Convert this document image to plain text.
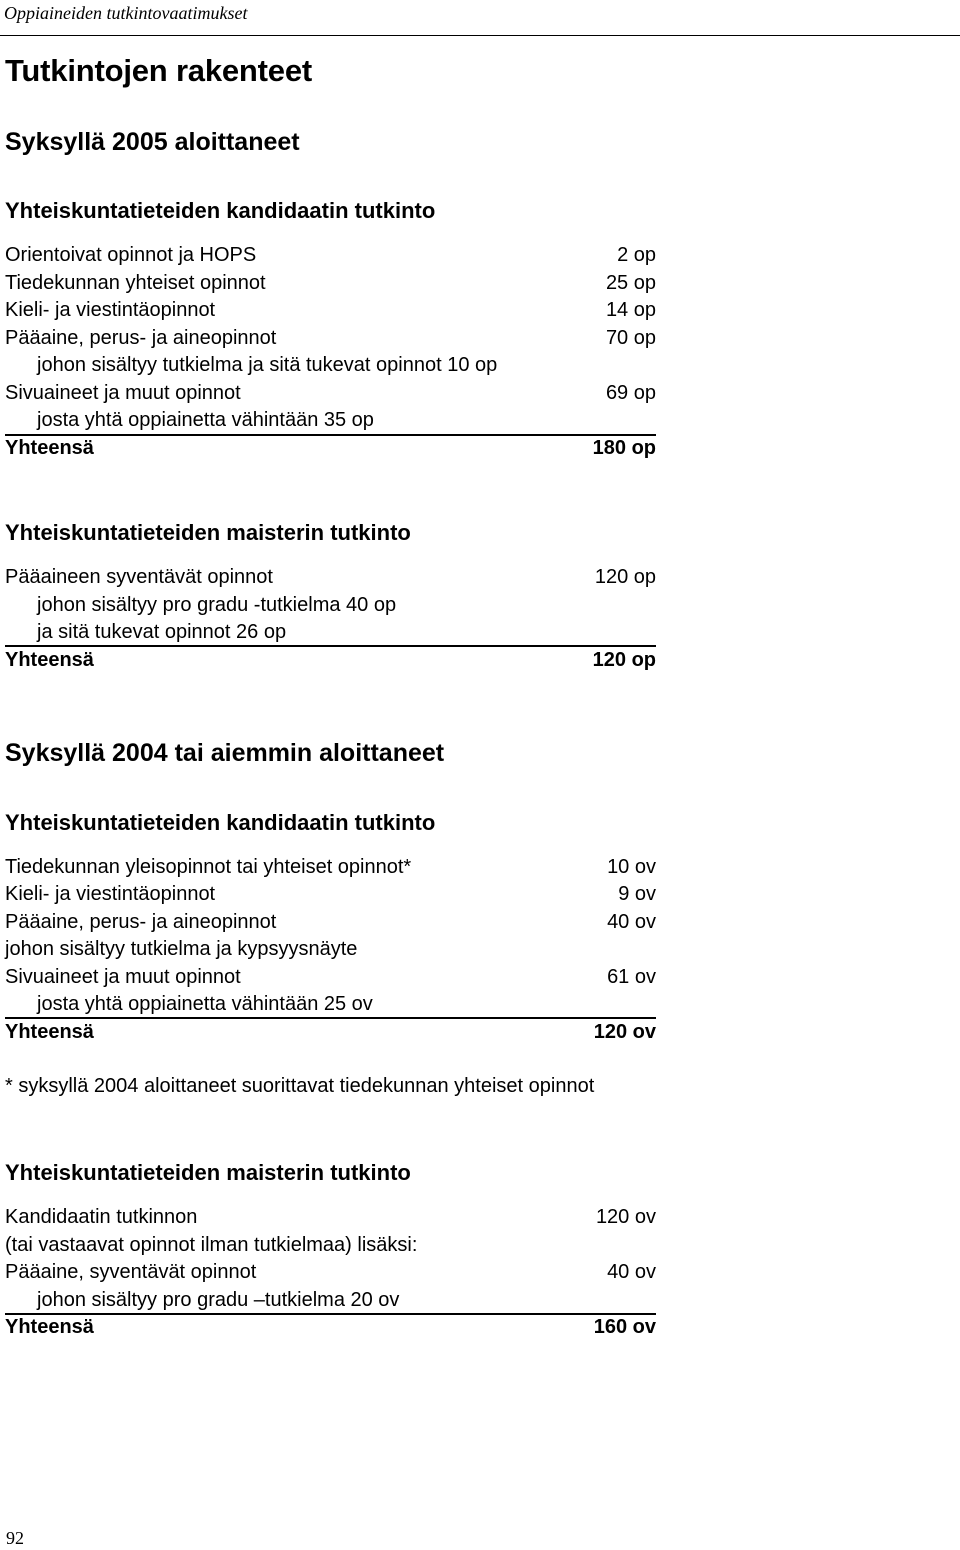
Oppiaineiden tutkintovaatimukset
Tutkintojen rakenteet
Syksyllä 2005 aloittaneet
Yhteiskuntatieteiden kandidaatin tutkinto
Orientoivat opinnot ja HOPS	2 op
Tiedekunnan yhteiset opinnot	25 op
Kieli- ja viestintäopinnot	14 op
Pääaine, perus- ja aineopinnot	70 op
johon sisältyy tutkielma ja sitä tukevat opinnot 10 op
Sivuaineet ja muut opinnot	69 op
josta yhtä oppiainetta vähintään 35 op
Yhteensä	180 op
Yhteiskuntatieteiden maisterin tutkinto
Pääaineen syventävät opinnot	120 op
johon sisältyy pro gradu -tutkielma 40 op
ja sitä tukevat opinnot 26 op
Yhteensä	120 op
Syksyllä 2004 tai aiemmin aloittaneet
Yhteiskuntatieteiden kandidaatin tutkinto
Tiedekunnan yleisopinnot tai yhteiset opinnot*	10 ov
Kieli- ja viestintäopinnot	9 ov
Pääaine, perus- ja aineopinnot	40 ov
johon sisältyy tutkielma ja kypsyysnäyte
Sivuaineet ja muut opinnot	61 ov
josta yhtä oppiainetta vähintään 25 ov
Yhteensä	120 ov
* syksyllä 2004 aloittaneet suorittavat tiedekunnan yhteiset opinnot
Yhteiskuntatieteiden maisterin tutkinto
Kandidaatin tutkinnon	120 ov
(tai vastaavat opinnot ilman tutkielmaa) lisäksi:
Pääaine, syventävät opinnot	40 ov
johon sisältyy pro gradu –tutkielma 20 ov
Yhteensä	160 ov
92
